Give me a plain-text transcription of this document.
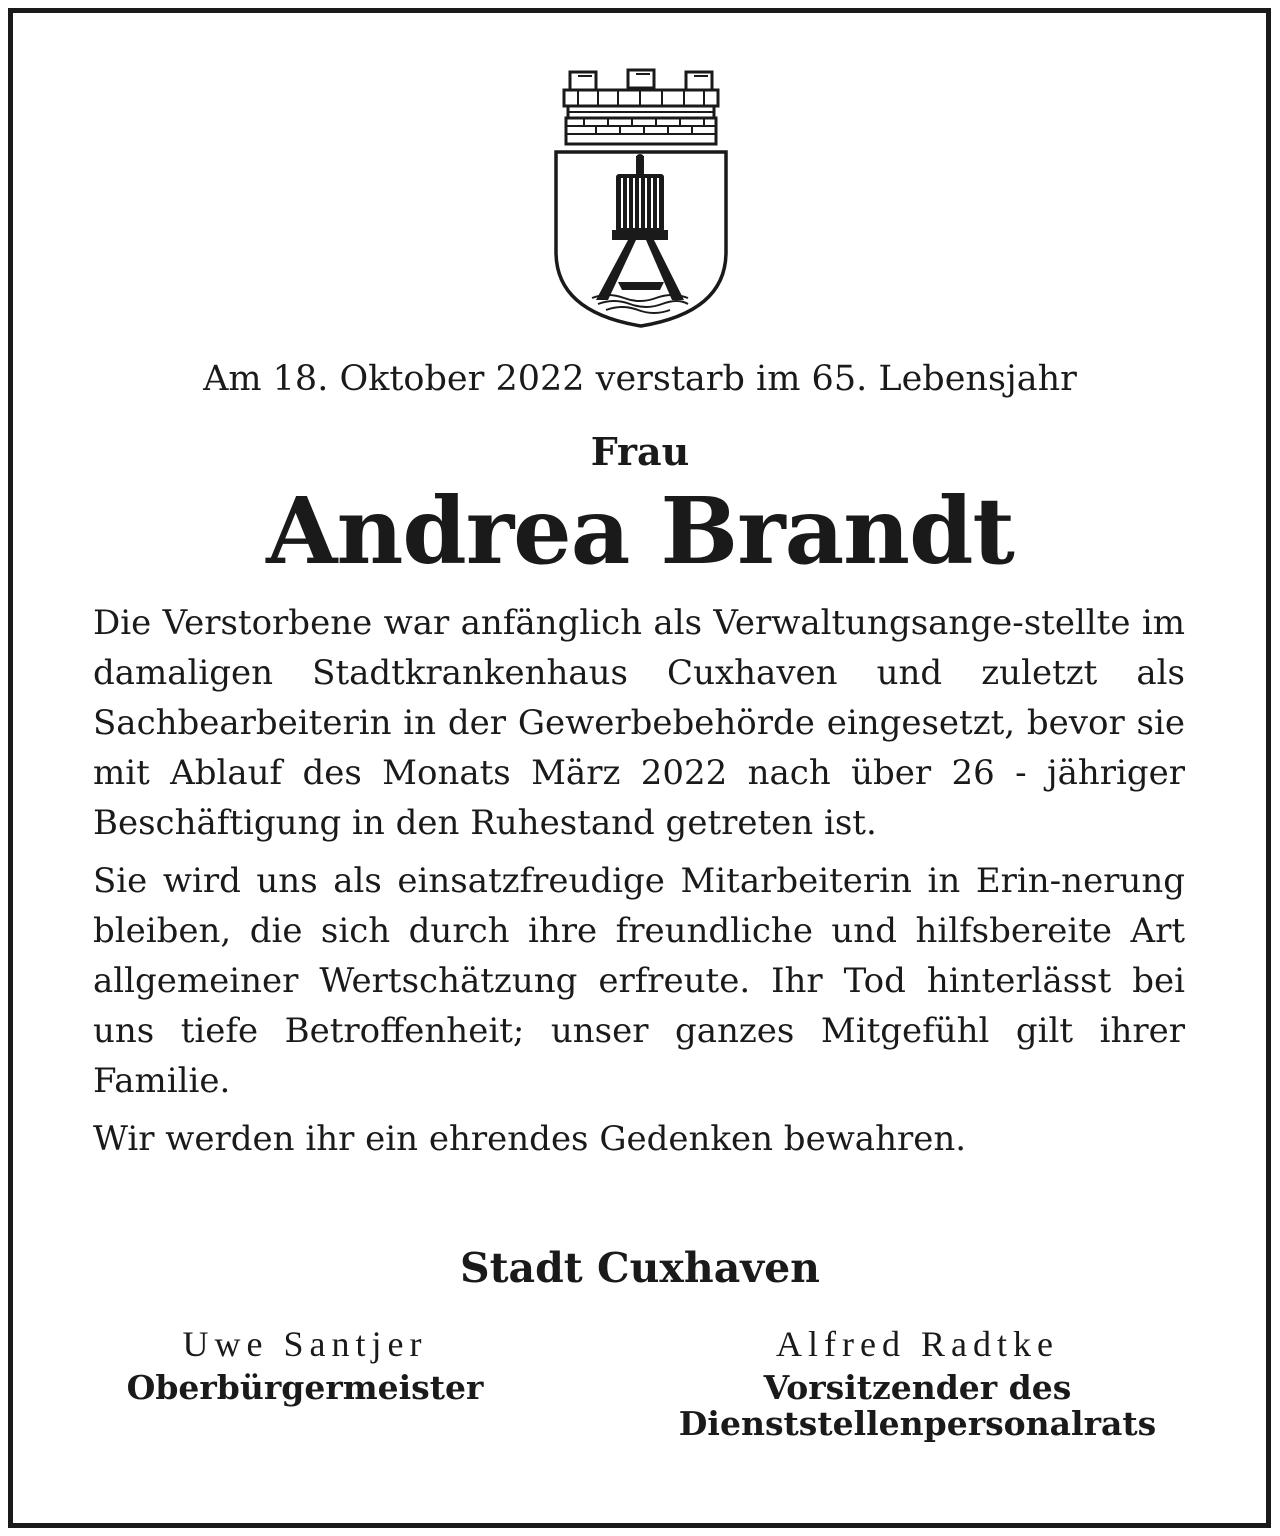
Am 18. Oktober 2022 verstarb im 65. Lebensjahr
Frau
Andrea Brandt

Die Verstorbene war anfänglich als Verwaltungsange-stellte im damaligen Stadtkrankenhaus Cuxhaven und zuletzt als Sachbearbeiterin in der Gewerbebehörde eingesetzt, bevor sie mit Ablauf des Monats März 2022 nach über 26 - jähriger Beschäftigung in den Ruhestand getreten ist.

Sie wird uns als einsatzfreudige Mitarbeiterin in Erin-nerung bleiben, die sich durch ihre freundliche und hilfsbereite Art allgemeiner Wertschätzung erfreute. Ihr Tod hinterlässt bei uns tiefe Betroffenheit; unser ganzes Mitgefühl gilt ihrer Familie.

Wir werden ihr ein ehrendes Gedenken bewahren.

Stadt Cuxhaven
Uwe Santjer
Oberbürgermeister
Alfred Radtke
Vorsitzender des
Dienststellenpersonalrats
